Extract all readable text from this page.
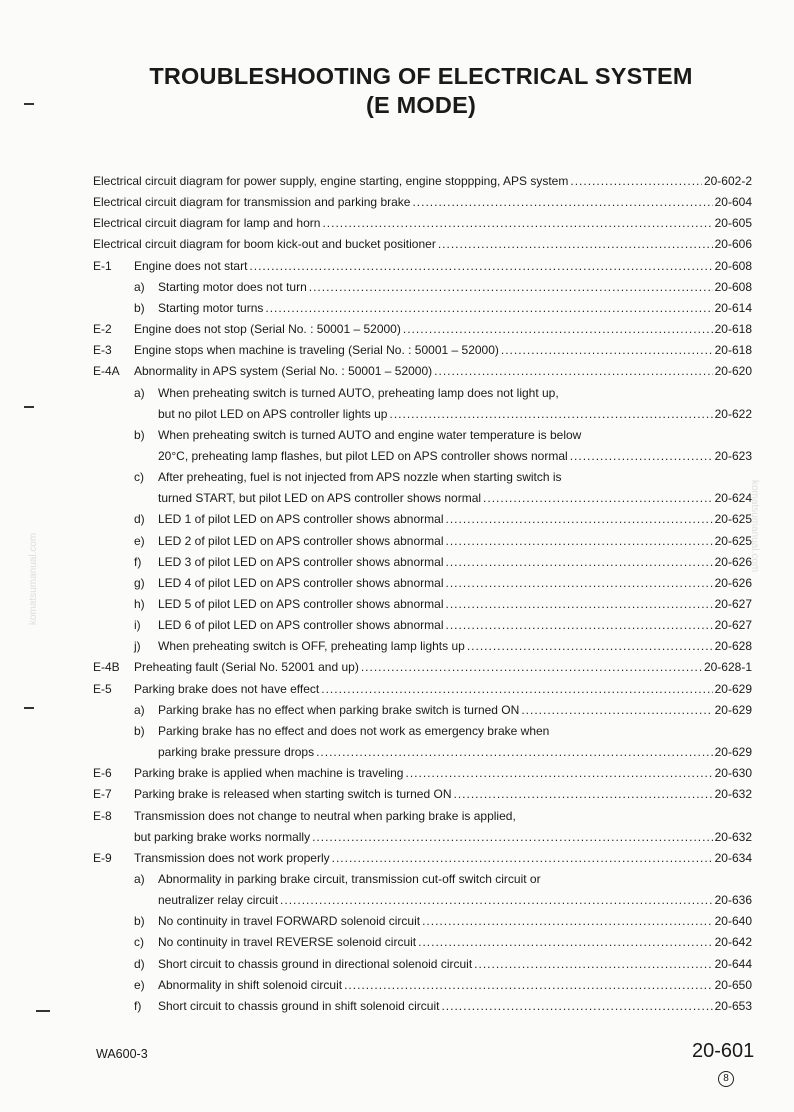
TROUBLESHOOTING OF ELECTRICAL SYSTEM
(E MODE)
Electrical circuit diagram for power supply, engine starting, engine stoppping, APS system .....	20-602-2
Electrical circuit diagram for transmission and parking brake .....	20-604
Electrical circuit diagram for lamp and horn .....	20-605
Electrical circuit diagram for boom kick-out and bucket positioner .....	20-606
E-1 Engine does not start .....	20-608
a) Starting motor does not turn .....	20-608
b) Starting motor turns .....	20-614
E-2 Engine does not stop (Serial No. : 50001 – 52000) .....	20-618
E-3 Engine stops when machine is traveling (Serial No. : 50001 – 52000) .....	20-618
E-4A Abnormality in APS system (Serial No. : 50001 – 52000) .....	20-620
a) When preheating switch is turned AUTO, preheating lamp does not light up,
but no pilot LED on APS controller lights up .....	20-622
b) When preheating switch is turned AUTO and engine water temperature is below
20°C, preheating lamp flashes, but pilot LED on APS controller shows normal .....	20-623
c) After preheating, fuel is not injected from APS nozzle when starting switch is
turned START, but pilot LED on APS controller shows normal .....	20-624
d) LED 1 of pilot LED on APS controller shows abnormal .....	20-625
e) LED 2 of pilot LED on APS controller shows abnormal .....	20-625
f) LED 3 of pilot LED on APS controller shows abnormal .....	20-626
g) LED 4 of pilot LED on APS controller shows abnormal .....	20-626
h) LED 5 of pilot LED on APS controller shows abnormal .....	20-627
i) LED 6 of pilot LED on APS controller shows abnormal .....	20-627
j) When preheating switch is OFF, preheating lamp lights up .....	20-628
E-4B Preheating fault (Serial No. 52001 and up) .....	20-628-1
E-5 Parking brake does not have effect .....	20-629
a) Parking brake has no effect when parking brake switch is turned ON .....	20-629
b) Parking brake has no effect and does not work as emergency brake when
parking brake pressure drops .....	20-629
E-6 Parking brake is applied when machine is traveling .....	20-630
E-7 Parking brake is released when starting switch is turned ON .....	20-632
E-8 Transmission does not change to neutral when parking brake is applied,
but parking brake works normally .....	20-632
E-9 Transmission does not work properly .....	20-634
a) Abnormality in parking brake circuit, transmission cut-off switch circuit or
neutralizer relay circuit .....	20-636
b) No continuity in travel FORWARD solenoid circuit .....	20-640
c) No continuity in travel REVERSE solenoid circuit .....	20-642
d) Short circuit to chassis ground in directional solenoid circuit .....	20-644
e) Abnormality in shift solenoid circuit .....	20-650
f) Short circuit to chassis ground in shift solenoid circuit .....	20-653
komatsumanual.com
komatsumanual.com
WA600-3	20-601
8
